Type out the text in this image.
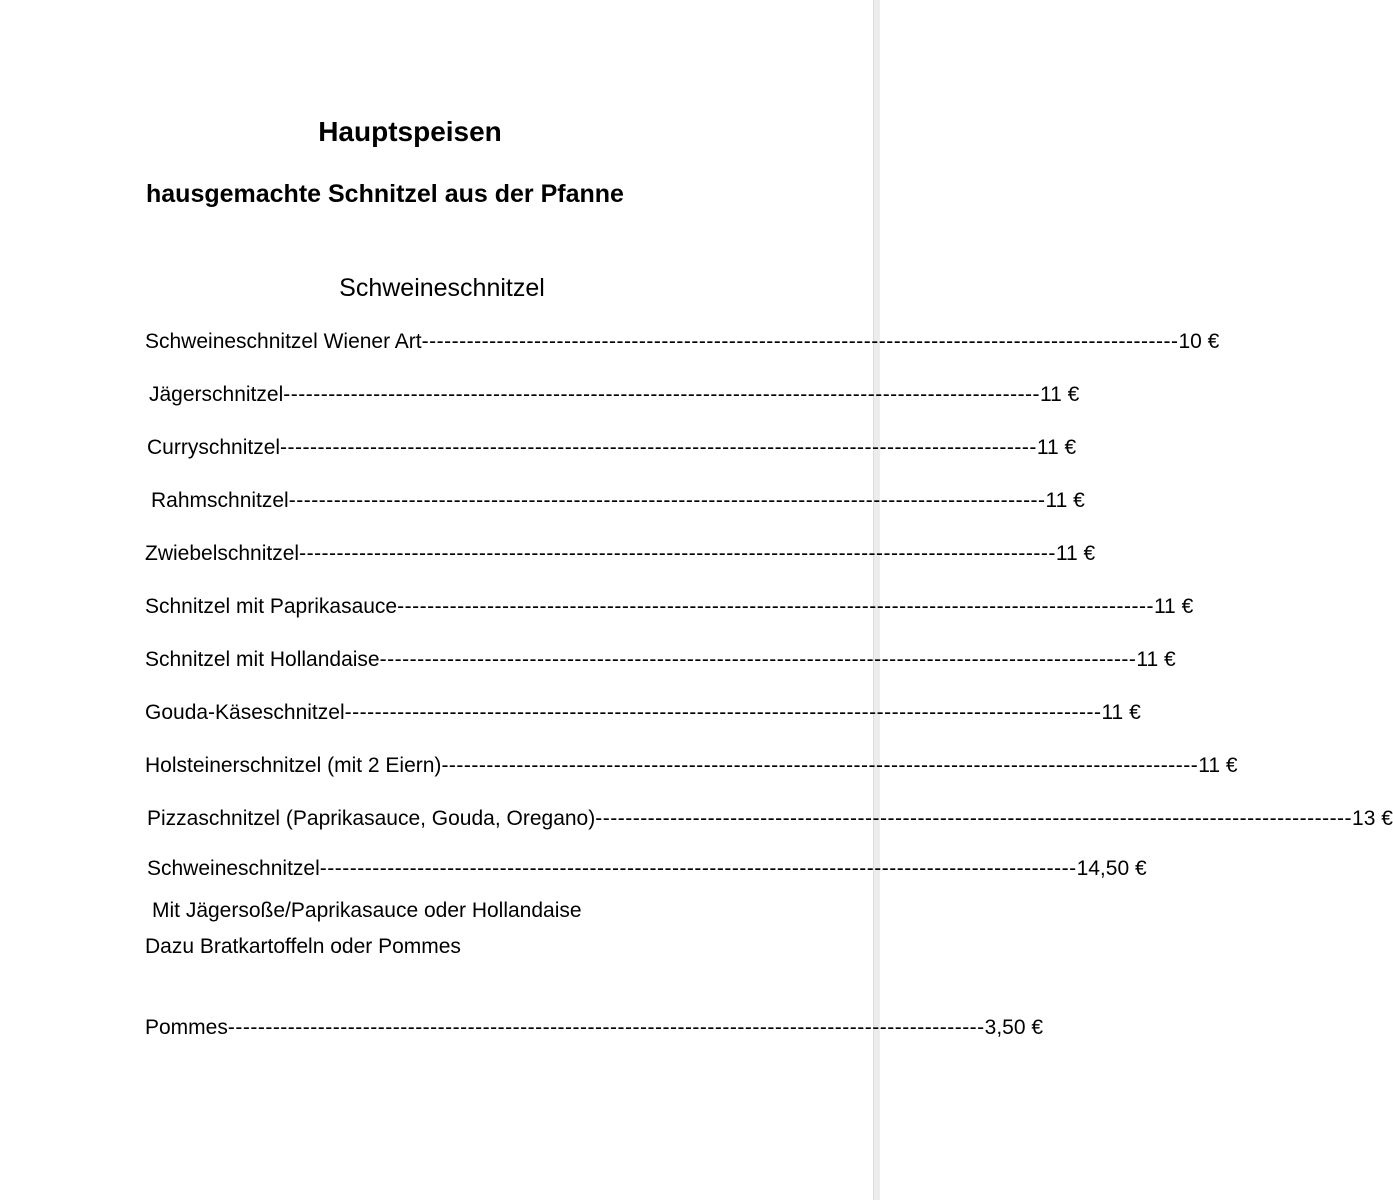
Hauptspeisen
hausgemachte Schnitzel aus der Pfanne
Schweineschnitzel
Schweineschnitzel Wiener Art ----------------------------------------------------------------------------------------------------- 10 €
Jägerschnitzel ----------------------------------------------------------------------------------------------------- 11 €
Curryschnitzel ----------------------------------------------------------------------------------------------------- 11 €
Rahmschnitzel ----------------------------------------------------------------------------------------------------- 11 €
Zwiebelschnitzel ----------------------------------------------------------------------------------------------------- 11 €
Schnitzel mit Paprikasauce ----------------------------------------------------------------------------------------------------- 11 €
Schnitzel mit Hollandaise ----------------------------------------------------------------------------------------------------- 11 €
Gouda-Käseschnitzel ----------------------------------------------------------------------------------------------------- 11 €
Holsteinerschnitzel (mit 2 Eiern) ----------------------------------------------------------------------------------------------------- 11 €
Pizzaschnitzel (Paprikasauce, Gouda, Oregano) ----------------------------------------------------------------------------------------------------- 13 €
Schweineschnitzel ----------------------------------------------------------------------------------------------------- 14,50 €
Mit Jägersoße/Paprikasauce oder Hollandaise
Dazu Bratkartoffeln oder Pommes
Pommes ----------------------------------------------------------------------------------------------------- 3,50 €
